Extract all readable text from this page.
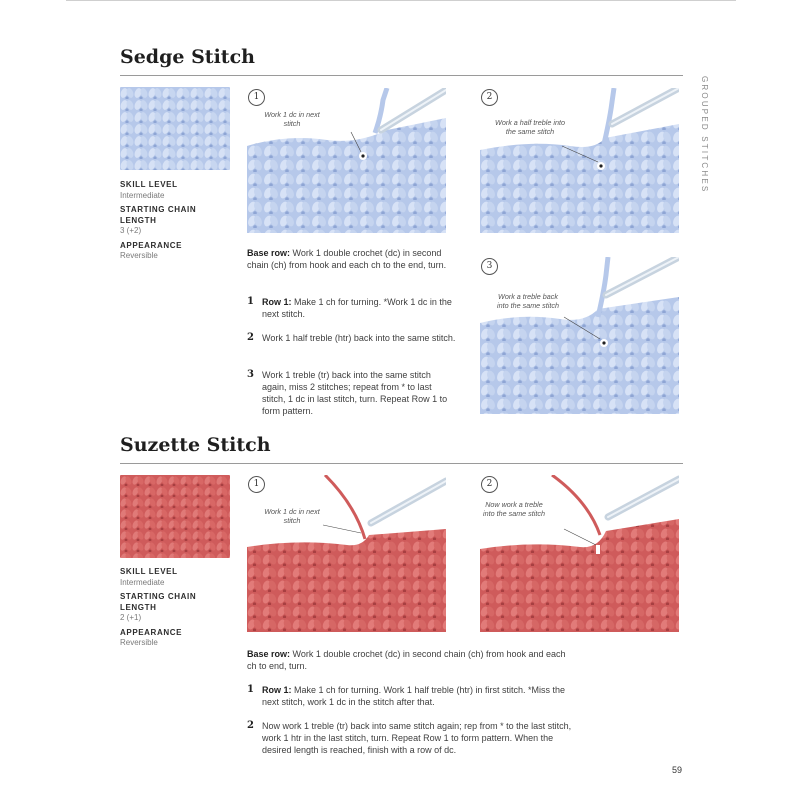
GROUPED STITCHES
Sedge Stitch
SKILL LEVEL
Intermediate
STARTING CHAIN LENGTH
3 (+2)
APPEARANCE
Reversible
1
Work 1 dc in next stitch
2
Work a half treble into the same stitch
3
Work a treble back into the same stitch
Base row: Work 1 double crochet (dc) in second chain (ch) from hook and each ch to the end, turn.
1 Row 1: Make 1 ch for turning. *Work 1 dc in the next stitch.
2 Work 1 half treble (htr) back into the same stitch.
3 Work 1 treble (tr) back into the same stitch again, miss 2 stitches; repeat from * to last stitch, 1 dc in last stitch, turn. Repeat Row 1 to form pattern.
Suzette Stitch
SKILL LEVEL
Intermediate
STARTING CHAIN LENGTH
2 (+1)
APPEARANCE
Reversible
1
Work 1 dc in next stitch
2
Now work a treble into the same stitch
Base row: Work 1 double crochet (dc) in second chain (ch) from hook and each ch to end, turn.
1 Row 1: Make 1 ch for turning. Work 1 half treble (htr) in first stitch. *Miss the next stitch, work 1 dc in the stitch after that.
2 Now work 1 treble (tr) back into same stitch again; rep from * to the last stitch, work 1 htr in the last stitch, turn. Repeat Row 1 to form pattern. When the desired length is reached, finish with a row of dc.
59
